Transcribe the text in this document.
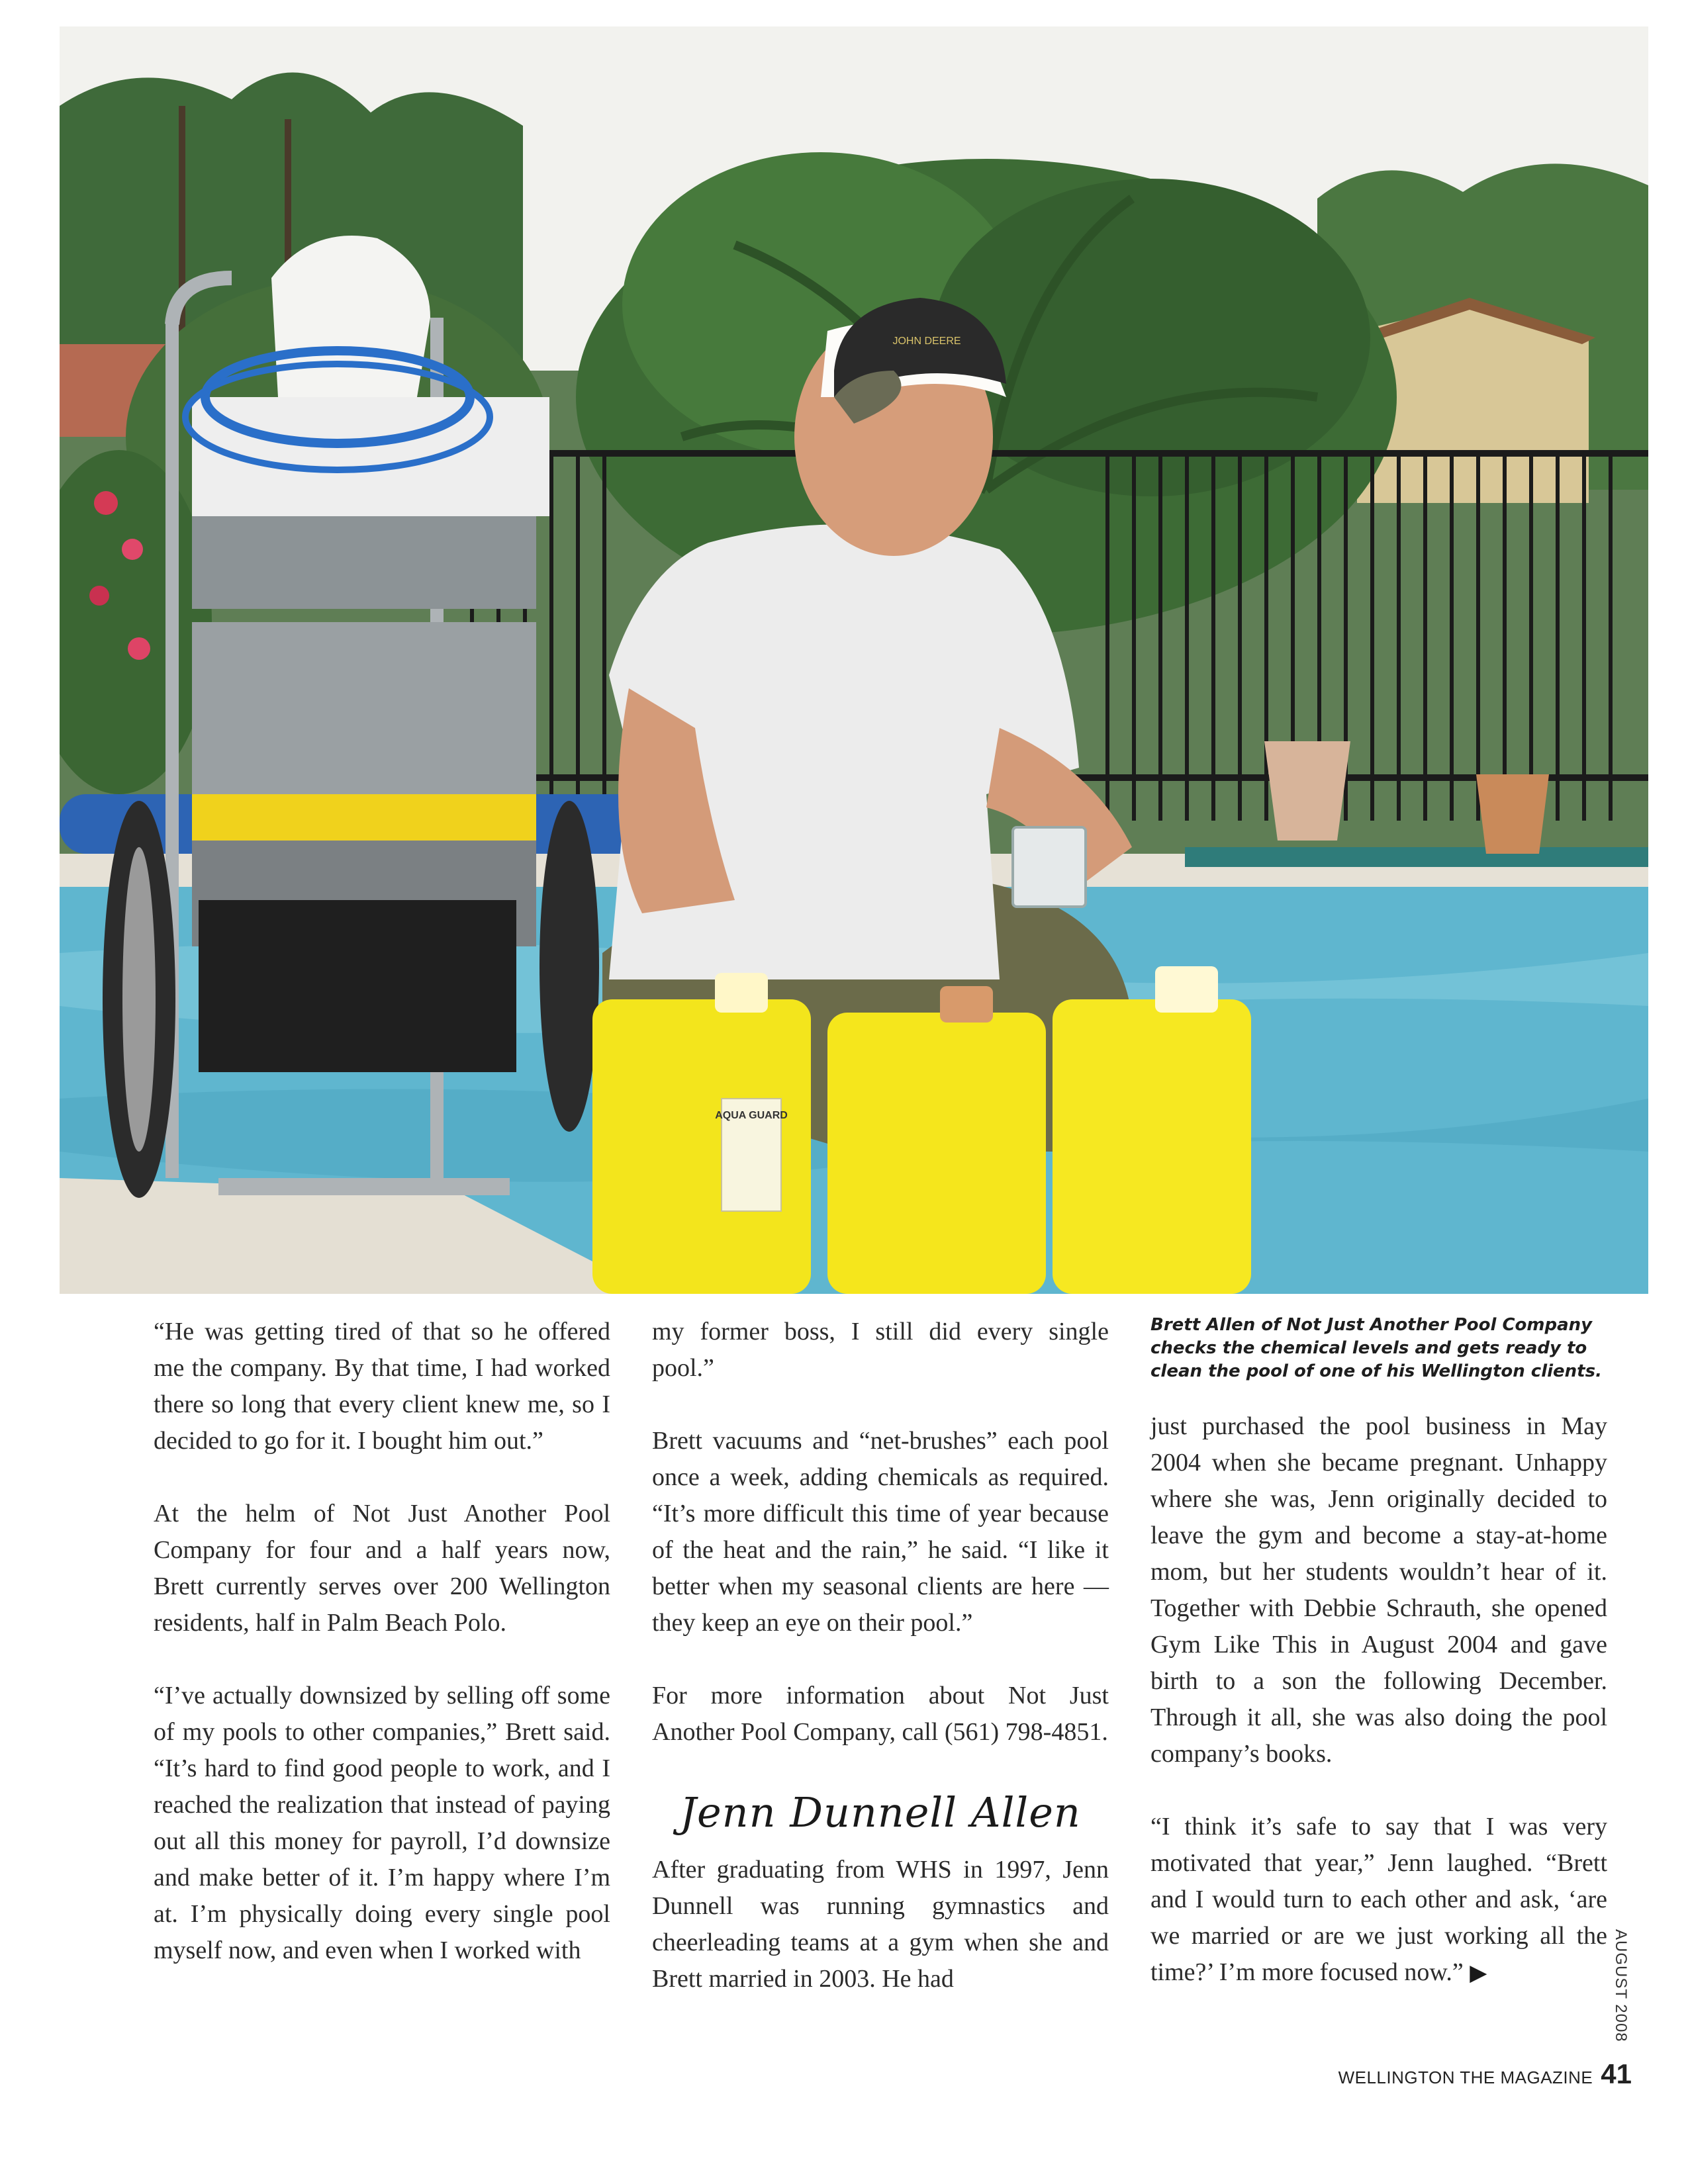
JOHN DEERE
AQUA GUARD

“He was getting tired of that so he offered me the company. By that time, I had worked there so long that every client knew me, so I decided to go for it. I bought him out.”

At the helm of Not Just Another Pool Company for four and a half years now, Brett currently serves over 200 Wellington residents, half in Palm Beach Polo.

“I’ve actually downsized by selling off some of my pools to other companies,” Brett said. “It’s hard to find good people to work, and I reached the realization that instead of paying out all this money for payroll, I’d downsize and make better of it. I’m happy where I’m at. I’m physically doing every single pool myself now, and even when I worked with

my former boss, I still did every single pool.”

Brett vacuums and “net-brushes” each pool once a week, adding chemicals as required. “It’s more difficult this time of year because of the heat and the rain,” he said. “I like it better when my seasonal clients are here — they keep an eye on their pool.”

For more information about Not Just Another Pool Company, call (561) 798-4851.

Jenn Dunnell Allen

After graduating from WHS in 1997, Jenn Dunnell was running gymnastics and cheerleading teams at a gym when she and Brett married in 2003. He had

Brett Allen of Not Just Another Pool Company checks the chemical levels and gets ready to clean the pool of one of his Wellington clients.

just purchased the pool business in May 2004 when she became pregnant. Unhappy where she was, Jenn originally decided to leave the gym and become a stay-at-home mom, but her students wouldn’t hear of it. Together with Debbie Schrauth, she opened Gym Like This in August 2004 and gave birth to a son the following December. Through it all, she was also doing the pool company’s books.

“I think it’s safe to say that I was very motivated that year,” Jenn laughed. “Brett and I would turn to each other and ask, ‘are we married or are we just working all the time?’ I’m more focused now.” ▶	AUGUST 2008
WELLINGTON THE MAGAZINE 41
